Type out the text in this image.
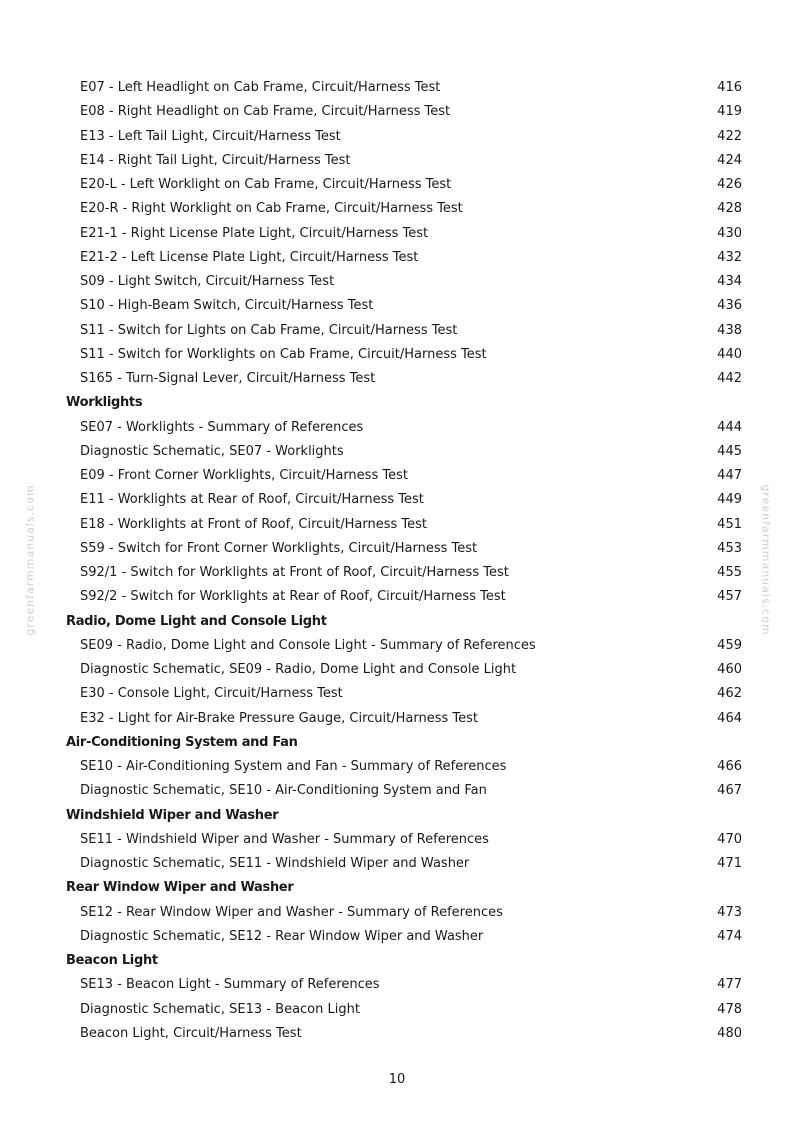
greenfarmmanuals.com	greenfarmmanuals.com
E07 - Left Headlight on Cab Frame, Circuit/Harness Test	416
E08 - Right Headlight on Cab Frame, Circuit/Harness Test	419
E13 - Left Tail Light, Circuit/Harness Test	422
E14 - Right Tail Light, Circuit/Harness Test	424
E20-L - Left Worklight on Cab Frame, Circuit/Harness Test	426
E20-R - Right Worklight on Cab Frame, Circuit/Harness Test	428
E21-1 - Right License Plate Light, Circuit/Harness Test	430
E21-2 - Left License Plate Light, Circuit/Harness Test	432
S09 - Light Switch, Circuit/Harness Test	434
S10 - High-Beam Switch, Circuit/Harness Test	436
S11 - Switch for Lights on Cab Frame, Circuit/Harness Test	438
S11 - Switch for Worklights on Cab Frame, Circuit/Harness Test	440
S165 - Turn-Signal Lever, Circuit/Harness Test	442
Worklights
SE07 - Worklights - Summary of References	444
Diagnostic Schematic, SE07 - Worklights	445
E09 - Front Corner Worklights, Circuit/Harness Test	447
E11 - Worklights at Rear of Roof, Circuit/Harness Test	449
E18 - Worklights at Front of Roof, Circuit/Harness Test	451
S59 - Switch for Front Corner Worklights, Circuit/Harness Test	453
S92/1 - Switch for Worklights at Front of Roof, Circuit/Harness Test	455
S92/2 - Switch for Worklights at Rear of Roof, Circuit/Harness Test	457
Radio, Dome Light and Console Light
SE09 - Radio, Dome Light and Console Light - Summary of References	459
Diagnostic Schematic, SE09 - Radio, Dome Light and Console Light	460
E30 - Console Light, Circuit/Harness Test	462
E32 - Light for Air-Brake Pressure Gauge, Circuit/Harness Test	464
Air-Conditioning System and Fan
SE10 - Air-Conditioning System and Fan - Summary of References	466
Diagnostic Schematic, SE10 - Air-Conditioning System and Fan	467
Windshield Wiper and Washer
SE11 - Windshield Wiper and Washer - Summary of References	470
Diagnostic Schematic, SE11 - Windshield Wiper and Washer	471
Rear Window Wiper and Washer
SE12 - Rear Window Wiper and Washer - Summary of References	473
Diagnostic Schematic, SE12 - Rear Window Wiper and Washer	474
Beacon Light
SE13 - Beacon Light - Summary of References	477
Diagnostic Schematic, SE13 - Beacon Light	478
Beacon Light, Circuit/Harness Test	480
10
